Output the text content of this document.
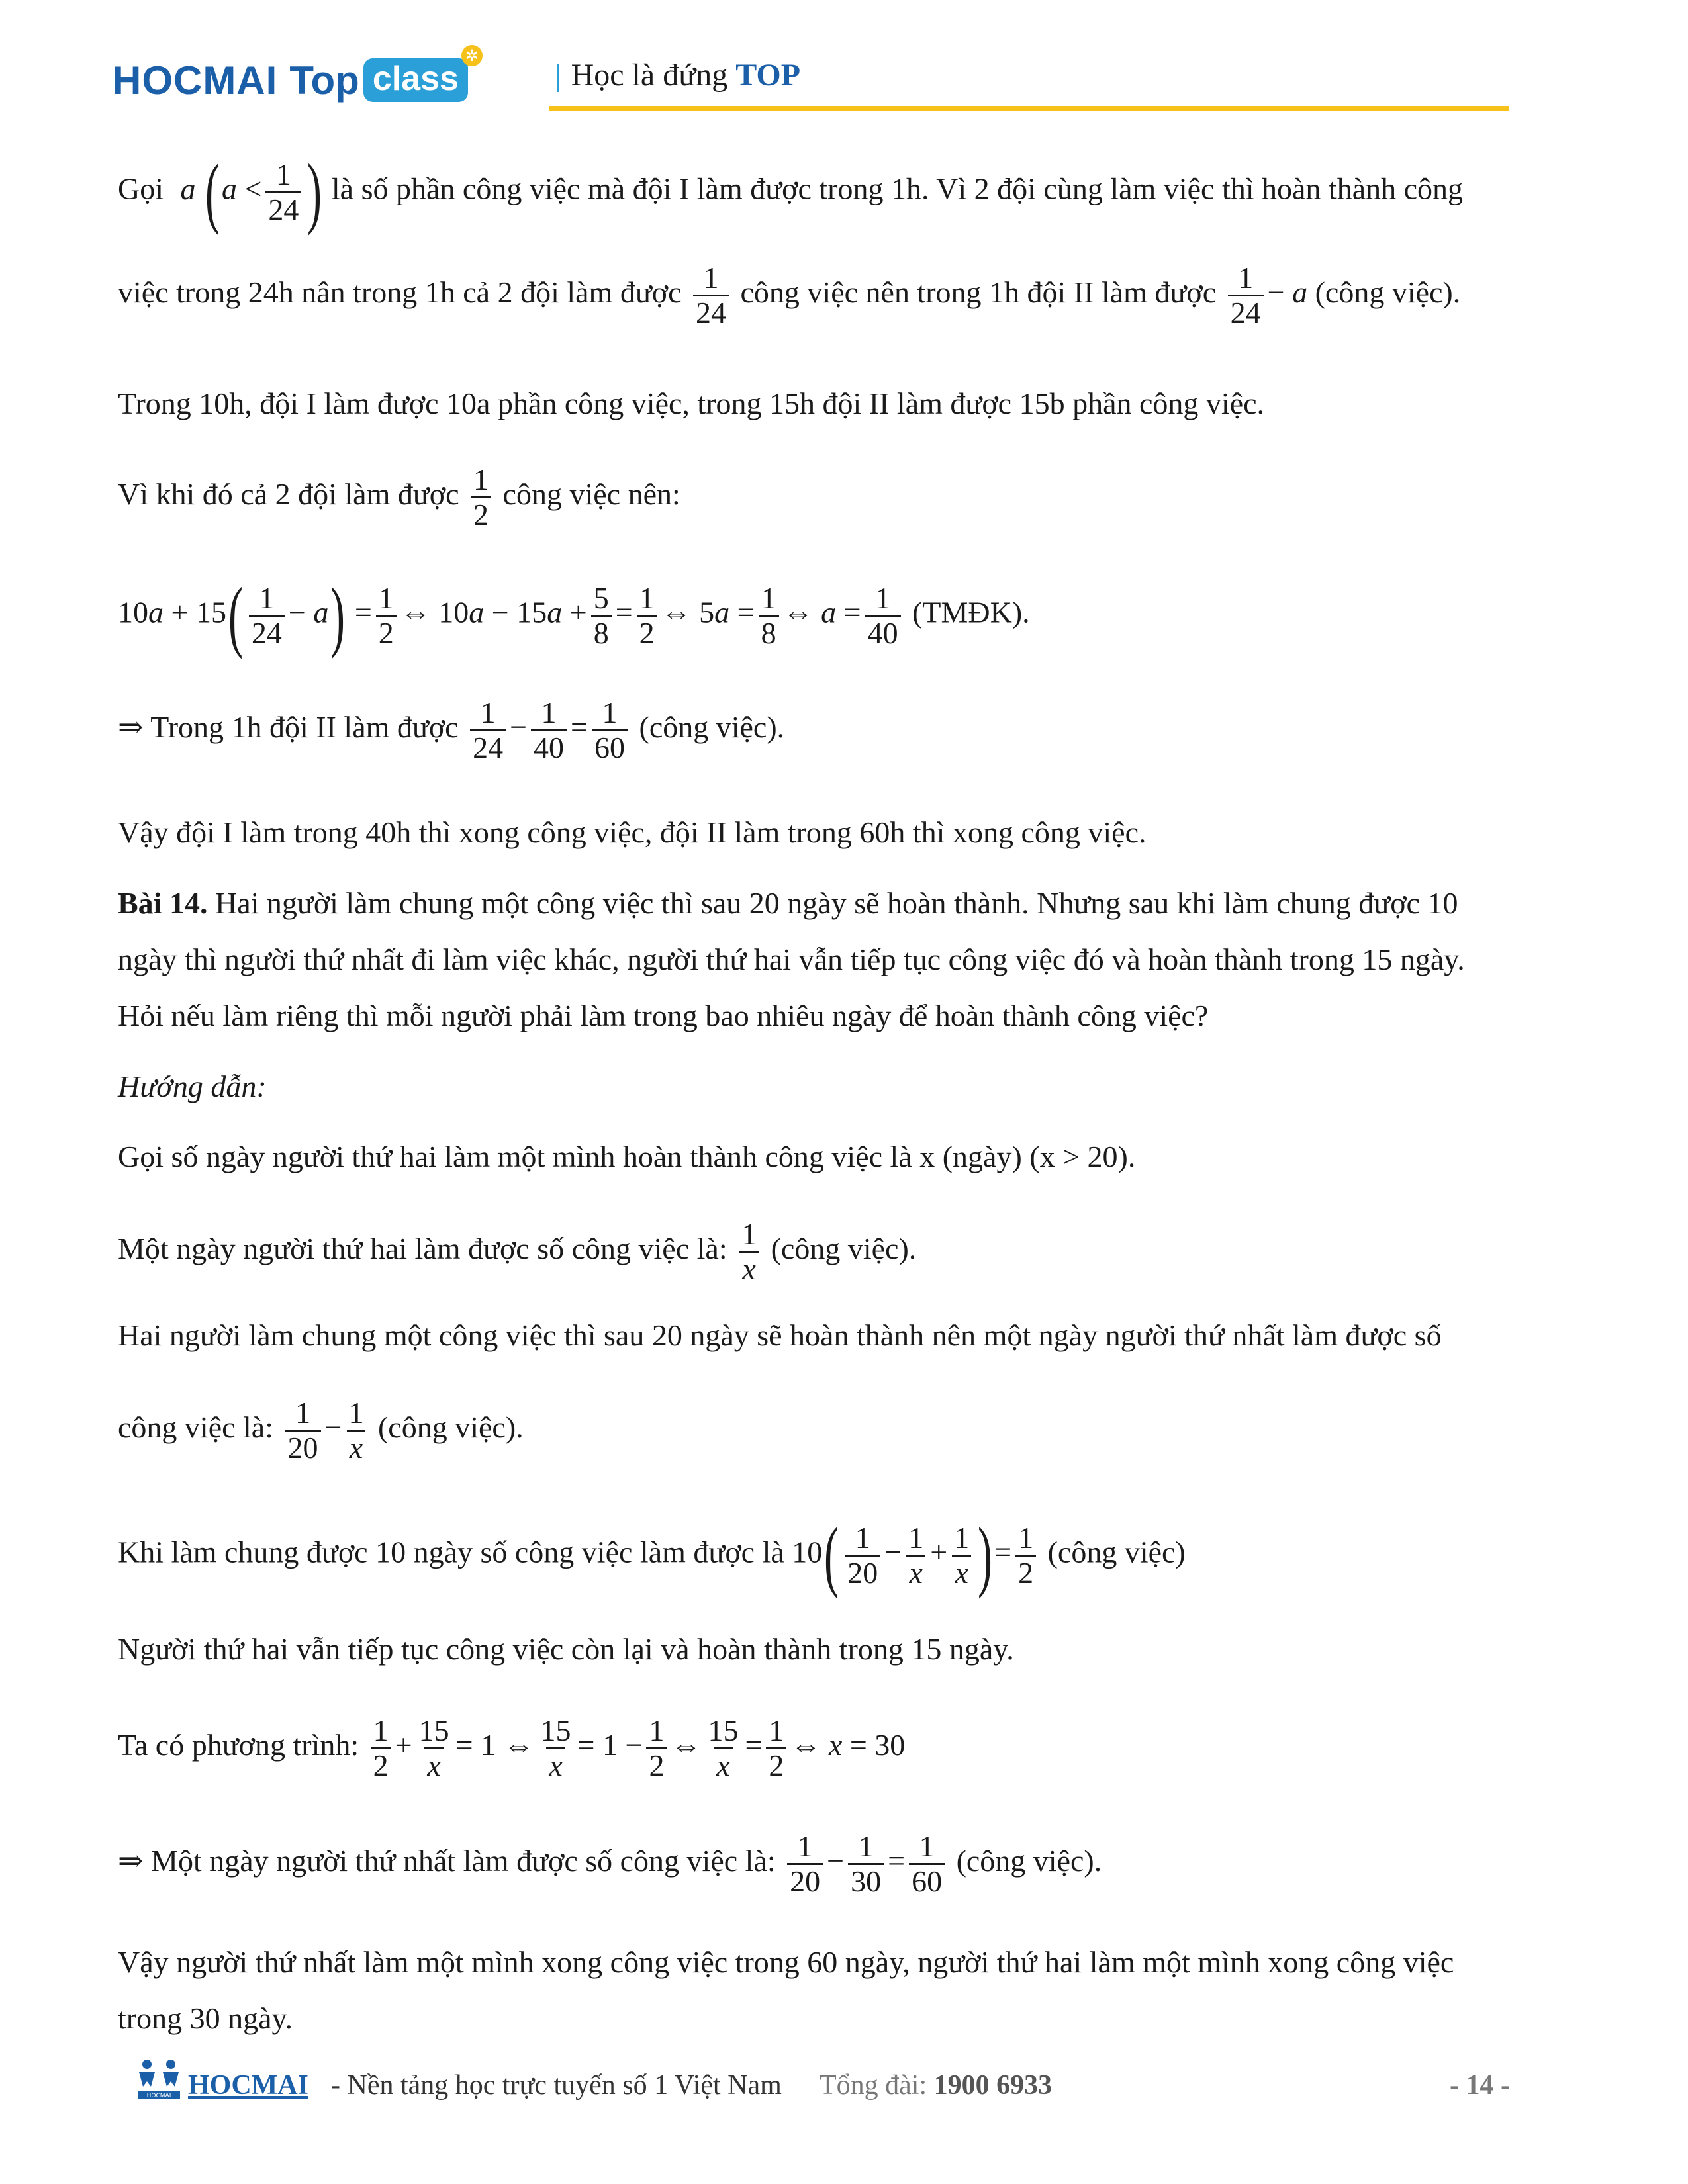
HOCMAI Top class
✲
| Học là đứng TOP
Gọi a ($a < \frac{1}{24}$ ) là số phần công việc mà đội I làm được trong 1h. Vì 2 đội cùng làm việc thì hoàn thành công
việc trong 24h nân trong 1h cả 2 đội làm được $\frac{1}{24}$ công việc nên trong 1h đội II làm được $\frac{1}{24} - a$ (công việc).
Trong 10h, đội I làm được 10a phần công việc, trong 15h đội II làm được 15b phần công việc.
Vì khi đó cả 2 đội làm được $\frac{1}{2}$ công việc nên:
$10a + 15( \frac{1}{24} - a) = \frac{1}{2}$ ⇔ $10a - 15a + \frac{5}{8} = \frac{1}{2}$ ⇔ $5a = \frac{1}{8}$ ⇔ $a = \frac{1}{40}$ (TMĐK).
⇒ Trong 1h đội II làm được $\frac{1}{24} - \frac{1}{40} = \frac{1}{60}$ (công việc).
Vậy đội I làm trong 40h thì xong công việc, đội II làm trong 60h thì xong công việc.
Bài 14. Hai người làm chung một công việc thì sau 20 ngày sẽ hoàn thành. Nhưng sau khi làm chung được 10
ngày thì người thứ nhất đi làm việc khác, người thứ hai vẫn tiếp tục công việc đó và hoàn thành trong 15 ngày.
Hỏi nếu làm riêng thì mỗi người phải làm trong bao nhiêu ngày để hoàn thành công việc?
Hướng dẫn:
Gọi số ngày người thứ hai làm một mình hoàn thành công việc là x (ngày) (x > 20).
Một ngày người thứ hai làm được số công việc là: $\frac{1}{x}$ (công việc).
Hai người làm chung một công việc thì sau 20 ngày sẽ hoàn thành nên một ngày người thứ nhất làm được số
công việc là: $\frac{1}{20} - \frac{1}{x}$ (công việc).
Khi làm chung được 10 ngày số công việc làm được là $10( \frac{1}{20} - \frac{1}{x} + \frac{1}{x}$ )= $\frac{1}{2}$ (công việc)
Người thứ hai vẫn tiếp tục công việc còn lại và hoàn thành trong 15 ngày.
Ta có phương trình: $\frac{1}{2} + \frac{15}{x} = 1$ ⇔ $\frac{15}{x} = 1 - \frac{1}{2}$ ⇔ $\frac{15}{x} = \frac{1}{2}$ ⇔ x = 30
⇒ Một ngày người thứ nhất làm được số công việc là: $\frac{1}{20} - \frac{1}{30} = \frac{1}{60}$ (công việc).
Vậy người thứ nhất làm một mình xong công việc trong 60 ngày, người thứ hai làm một mình xong công việc
trong 30 ngày.
HOCMAI HOCMAI - Nền tảng học trực tuyến số 1 Việt Nam Tổng đài: 1900 6933	- 14 -
